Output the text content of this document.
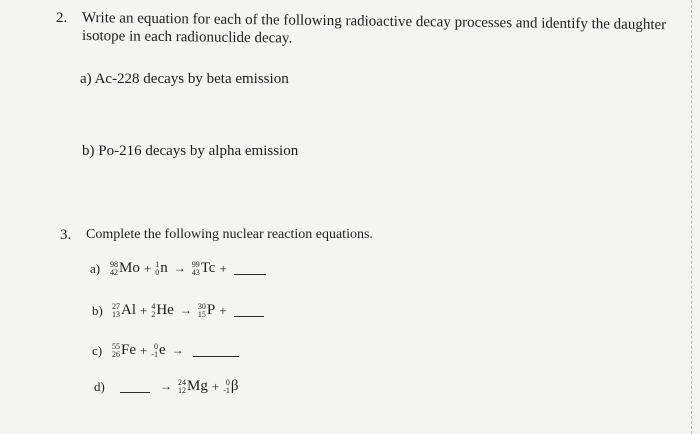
2. Write an equation for each of the following radioactive decay processes and identify the daughter isotope in each radionuclide decay.
a) Ac-228 decays by beta emission
b) Po-216 decays by alpha emission
3. Complete the following nuclear reaction equations.
a)	98
42 Mo + 1
0 n → 99
43 Tc +
b)	27
13 Al + 4
2 He → 30
15 P +
c)	55
26 Fe + 0
-1 e →
d)	→ 24
12 Mg + 0
-1 β
